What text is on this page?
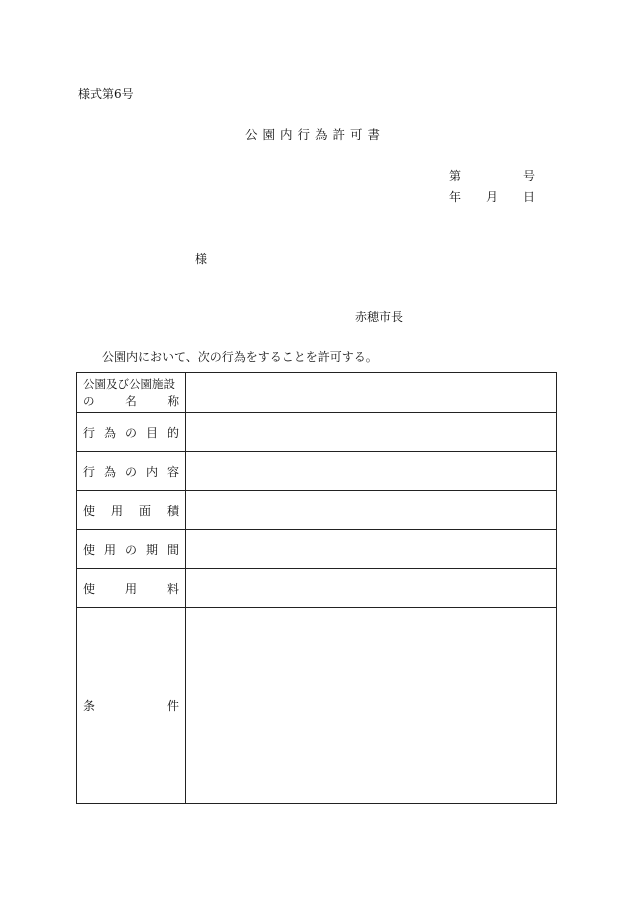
様式第6号
公園内行為許可書
第	号
年 月 日
様
赤穂市長
公園内において、次の行為をすることを許可する。
公園及び公園施設
の 名 称	

行 為 の 目 的	

行 為 の 内 容	

使 用 面 積	

使 用 の 期 間	

使 用 料	

条 件	
